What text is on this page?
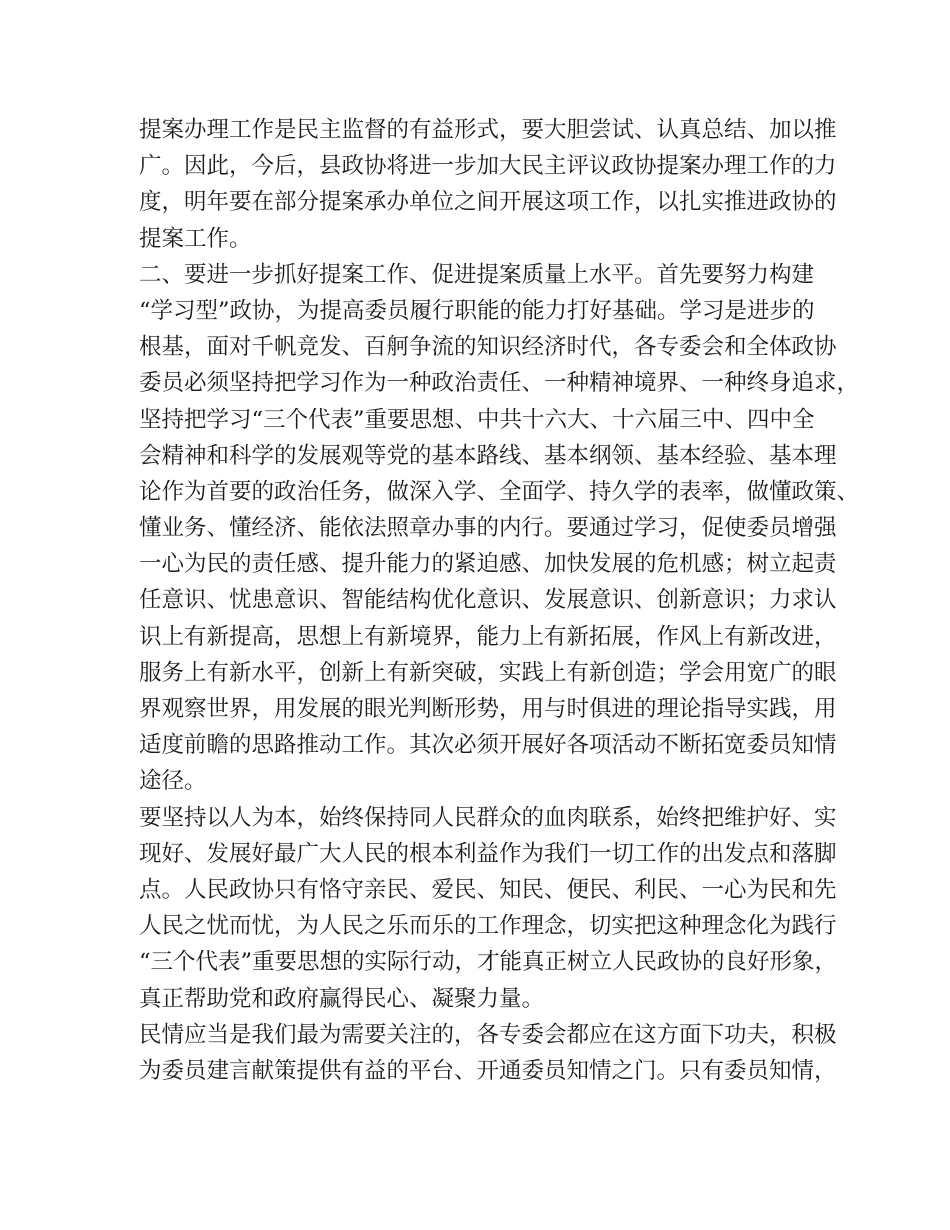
提案办理工作是民主监督的有益形式，要大胆尝试、认真总结、加以推
广。因此，今后，县政协将进一步加大民主评议政协提案办理工作的力
度，明年要在部分提案承办单位之间开展这项工作，以扎实推进政协的
提案工作。
二、要进一步抓好提案工作、促进提案质量上水平。首先要努力构建
“学习型”政协，为提高委员履行职能的能力打好基础。学习是进步的
根基，面对千帆竞发、百舸争流的知识经济时代，各专委会和全体政协
委员必须坚持把学习作为一种政治责任、一种精神境界、一种终身追求，
坚持把学习“三个代表”重要思想、中共十六大、十六届三中、四中全
会精神和科学的发展观等党的基本路线、基本纲领、基本经验、基本理
论作为首要的政治任务，做深入学、全面学、持久学的表率，做懂政策、
懂业务、懂经济、能依法照章办事的内行。要通过学习，促使委员增强
一心为民的责任感、提升能力的紧迫感、加快发展的危机感；树立起责
任意识、忧患意识、智能结构优化意识、发展意识、创新意识；力求认
识上有新提高，思想上有新境界，能力上有新拓展，作风上有新改进，
服务上有新水平，创新上有新突破，实践上有新创造；学会用宽广的眼
界观察世界，用发展的眼光判断形势，用与时俱进的理论指导实践，用
适度前瞻的思路推动工作。其次必须开展好各项活动不断拓宽委员知情
途径。
要坚持以人为本，始终保持同人民群众的血肉联系，始终把维护好、实
现好、发展好最广大人民的根本利益作为我们一切工作的出发点和落脚
点。人民政协只有恪守亲民、爱民、知民、便民、利民、一心为民和先
人民之忧而忧，为人民之乐而乐的工作理念，切实把这种理念化为践行
“三个代表”重要思想的实际行动，才能真正树立人民政协的良好形象，
真正帮助党和政府赢得民心、凝聚力量。
民情应当是我们最为需要关注的，各专委会都应在这方面下功夫，积极
为委员建言献策提供有益的平台、开通委员知情之门。只有委员知情，
